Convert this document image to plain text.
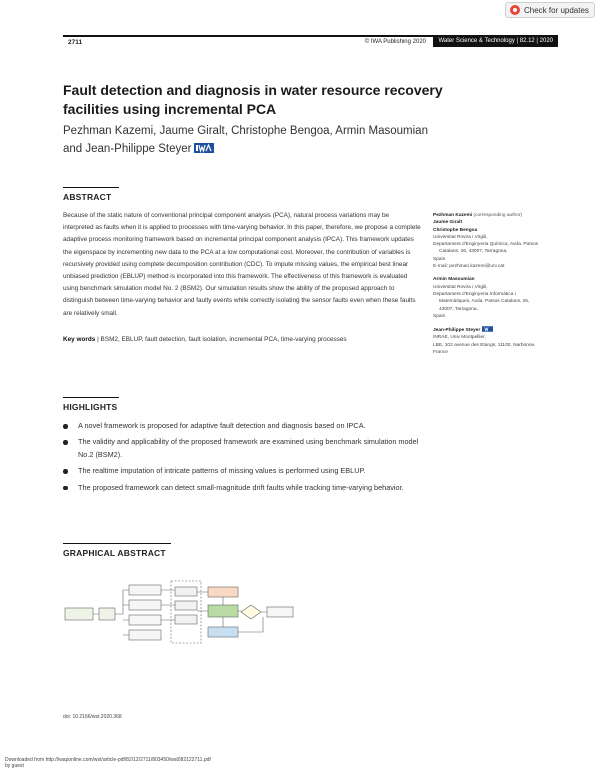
Check for updates
2711	© IWA Publishing 2020	Water Science & Technology | 82.12 | 2020
Fault detection and diagnosis in water resource recovery facilities using incremental PCA
Pezhman Kazemi, Jaume Giralt, Christophe Bengoa, Armin Masoumian
and Jean-Philippe Steyer
ABSTRACT

Because of the static nature of conventional principal component analysis (PCA), natural process variations may be interpreted as faults when it is applied to processes with time-varying behavior. In this paper, therefore, we propose a complete adaptive process monitoring framework based on incremental principal component analysis (IPCA). This framework updates the eigenspace by incrementing new data to the PCA at a low computational cost. Moreover, the contribution of variables is recursively provided using complete decomposition contribution (CDC). To impute missing values, the empirical best linear unbiased prediction (EBLUP) method is incorporated into this framework. The effectiveness of this framework is evaluated using benchmark simulation model No. 2 (BSM2). Our simulation results show the ability of the proposed approach to distinguish between time-varying behavior and faulty events while correctly isolating the sensor faults even when these faults are relatively small.

Key words | BSM2, EBLUP, fault detection, fault isolation, incremental PCA, time-varying processes
HIGHLIGHTS
A novel framework is proposed for adaptive fault detection and diagnosis based on IPCA.
The validity and applicability of the proposed framework are examined using benchmark simulation model No.2 (BSM2).
The realtime imputation of intricate patterns of missing values is performed using EBLUP.
The proposed framework can detect small-magnitude drift faults while tracking time-varying behavior.
GRAPHICAL ABSTRACT
Pezhman Kazemi (corresponding author)
Jaume Giralt
Christophe Bengoa
Universitat Rovira i Virgili,
Departament d'Enginyeria Química, Avda. Països
Catalans, 26, 43007, Tarragona,
Spain
E-mail: pezhman.kazemi@urv.cat
Armin Masoumian
Universitat Rovira i Virgili,
Departament d'Enginyeria Informàtica i
Matemàtiques, Avda. Països Catalans, 26,
43007, Tarragona,
Spain
Jean-Philippe Steyer
INRAE, Univ Montpellier,
LBE, 102 avenue des Etangs, 11100, Narbonne,
France
doi: 10.2166/wst.2020.368
Downloaded from http://iwaponline.com/wst/article-pdf/82/12/2711/803450/wst082122711.pdf
by guest
